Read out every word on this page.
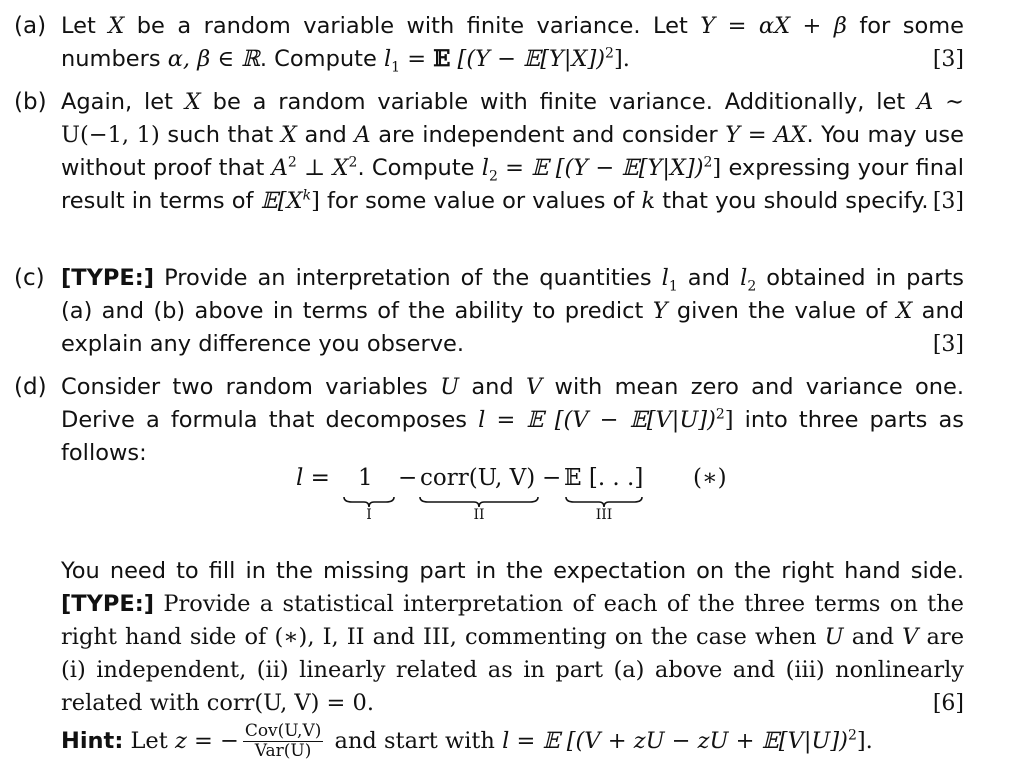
(a) Let X be a random variable with finite variance. Let Y = αX + β for some numbers α, β ∈ ℝ. Compute $l_1$ = 𝔼 [(Y − 𝔼[Y|X])$^2$].	[3]
(b) Again, let X be a random variable with finite variance. Additionally, let A ∼ U(−1, 1) such that X and A are independent and consider Y = AX. You may use without proof that $A^2$ ⊥ $X^2$. Compute $l_2$ = 𝔼 [(Y − 𝔼[Y|X])$^2$] expressing your final result in terms of $𝔼[X^k]$ for some value or values of k that you should specify. [3]
(c) [TYPE:] Provide an interpretation of the quantities $l_1$ and $l_2$ obtained in parts (a) and (b) above in terms of the ability to predict Y given the value of X and explain any difference you observe.	[3]
(d) Consider two random variables U and V with mean zero and variance one. Derive a formula that decomposes l = 𝔼 [(V − 𝔼[V|U])$^2$] into three parts as follows:
l = 1 − corr(U, V) − 𝔼 [. . .] (∗)
I	II	III
You need to fill in the missing part in the expectation on the right hand side. [TYPE:] Provide a statistical interpretation of each of the three terms on the right hand side of (∗), I, II and III, commenting on the case when U and V are (i) independent, (ii) linearly related as in part (a) above and (iii) nonlinearly related with corr(U, V) = 0.	[6]
Hint: Let z = − $\frac{\text{Cov(U,V)}}{\text{Var(U)}}$ and start with l = 𝔼 [(V + zU − zU + 𝔼[V|U])$^2$].
